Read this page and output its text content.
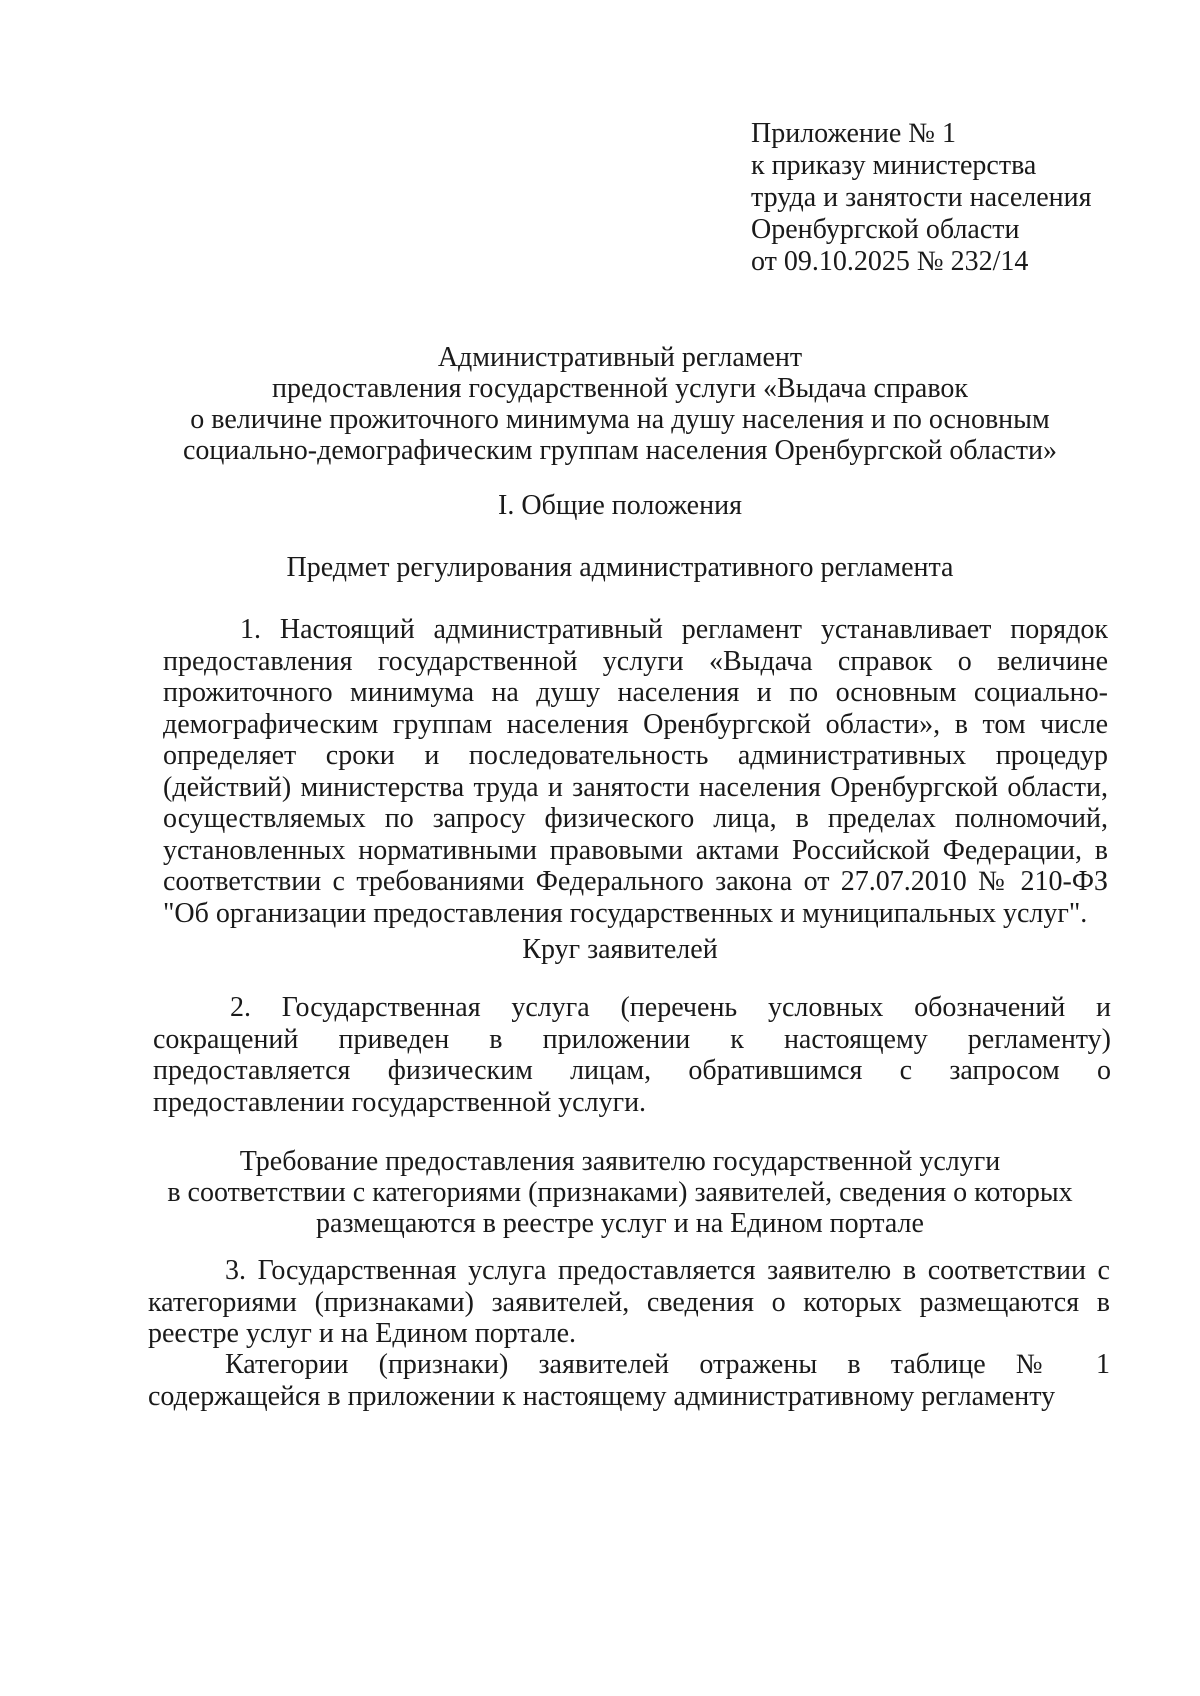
Приложение № 1
к приказу министерства
труда и занятости населения
Оренбургской области
от 09.10.2025 № 232/14
Административный регламент
предоставления государственной услуги «Выдача справок
о величине прожиточного минимума на душу населения и по основным
социально-демографическим группам населения Оренбургской области»
I. Общие положения
Предмет регулирования административного регламента
1. Настоящий административный регламент устанавливает порядок
предоставления государственной услуги «Выдача справок о величине
прожиточного минимума на душу населения и по основным социально-
демографическим группам населения Оренбургской области», в том числе
определяет сроки и последовательность административных процедур
(действий) министерства труда и занятости населения Оренбургской области,
осуществляемых по запросу физического лица, в пределах полномочий,
установленных нормативными правовыми актами Российской Федерации, в
соответствии с требованиями Федерального закона от 27.07.2010 № 210-ФЗ
"Об организации предоставления государственных и муниципальных услуг".
Круг заявителей
2. Государственная услуга (перечень условных обозначений и
сокращений приведен в приложении к настоящему регламенту)
предоставляется физическим лицам, обратившимся с запросом о
предоставлении государственной услуги.
Требование предоставления заявителю государственной услуги
в соответствии с категориями (признаками) заявителей, сведения о которых
размещаются в реестре услуг и на Едином портале
3. Государственная услуга предоставляется заявителю в соответствии с
категориями (признаками) заявителей, сведения о которых размещаются в
реестре услуг и на Едином портале.
Категории (признаки) заявителей отражены в таблице № 1
содержащейся в приложении к настоящему административному регламенту
